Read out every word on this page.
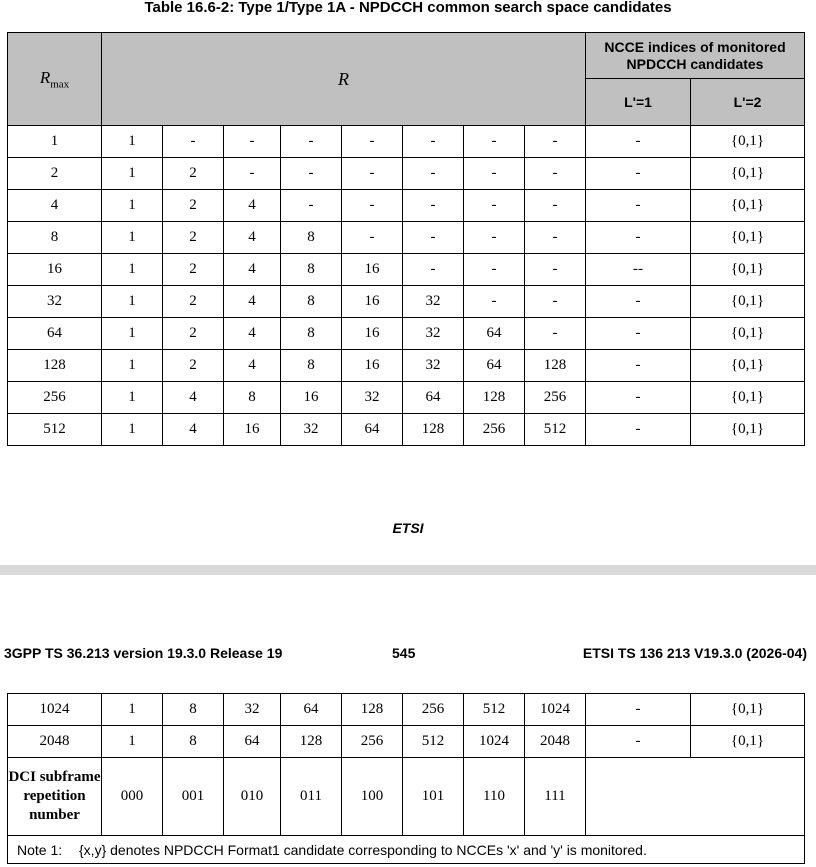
Table 16.6-2: Type 1/Type 1A - NPDCCH common search space candidates
$R_{max}$	R								NCCE indices of monitored NPDCCH candidates	
									L'=1	L'=2
1	1	-	-	-	-	-	-	-	-	{0,1}
2	1	2	-	-	-	-	-	-	-	{0,1}
4	1	2	4	-	-	-	-	-	-	{0,1}
8	1	2	4	8	-	-	-	-	-	{0,1}
16	1	2	4	8	16	-	-	-	--	{0,1}
32	1	2	4	8	16	32	-	-	-	{0,1}
64	1	2	4	8	16	32	64	-	-	{0,1}
128	1	2	4	8	16	32	64	128	-	{0,1}
256	1	4	8	16	32	64	128	256	-	{0,1}
512	1	4	16	32	64	128	256	512	-	{0,1}
ETSI
3GPP TS 36.213 version 19.3.0 Release 19	545	ETSI TS 136 213 V19.3.0 (2026-04)
1024	1	8	32	64	128	256	512	1024	-	{0,1}
2048	1	8	64	128	256	512	1024	2048	-	{0,1}
DCI subframe repetition number	000	001	010	011	100	101	110	111		
Note 1: {x,y} denotes NPDCCH Format1 candidate corresponding to NCCEs 'x' and 'y' is monitored.										
